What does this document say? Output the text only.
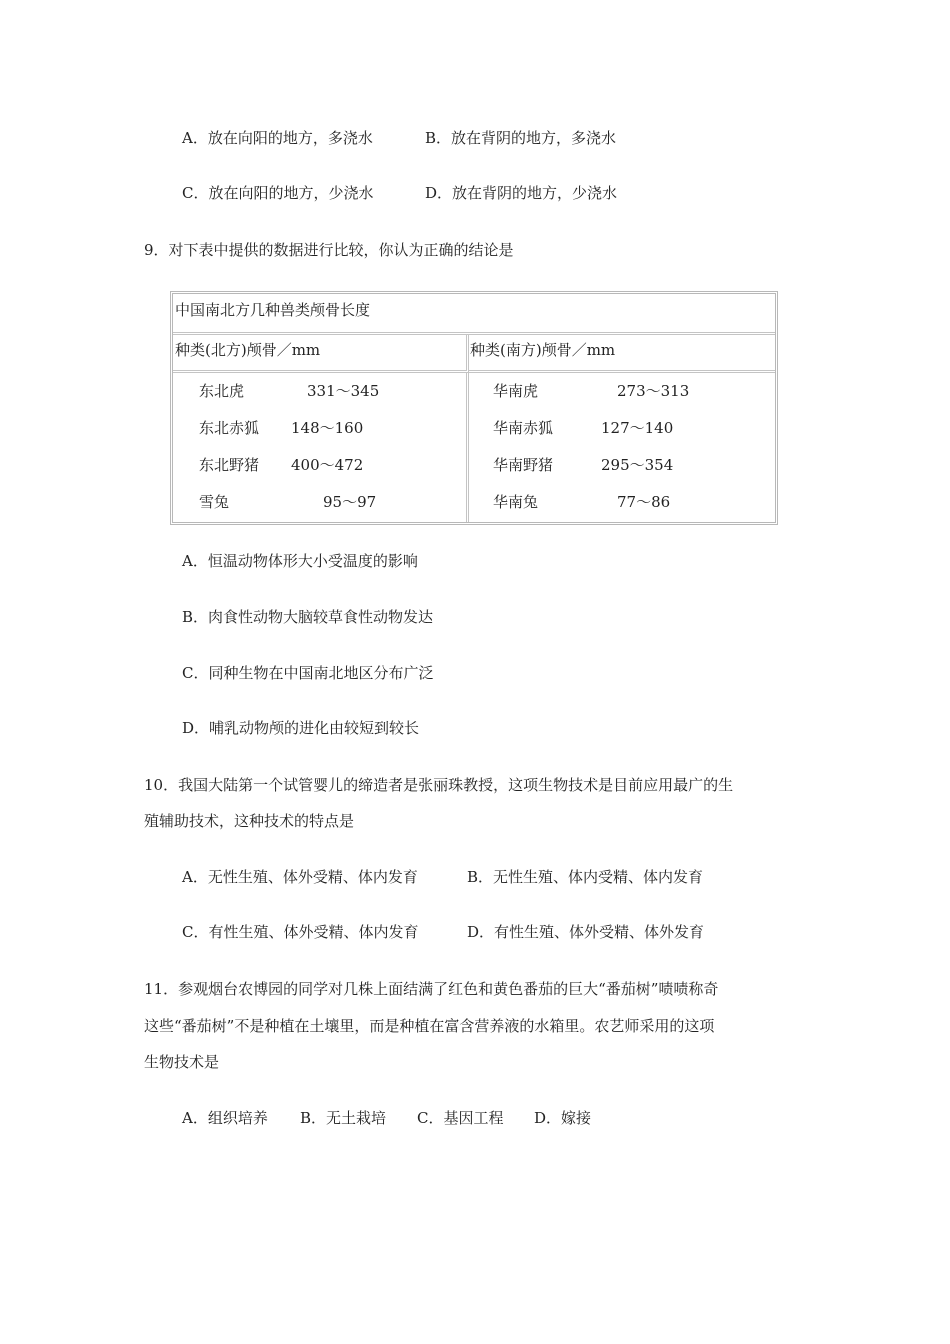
A．放在向阳的地方，多浇水	B．放在背阴的地方，多浇水
C．放在向阳的地方，少浇水	D．放在背阴的地方，少浇水
9．对下表中提供的数据进行比较，你认为正确的结论是
中国南北方几种兽类颅骨长度
种类(北方)颅骨／mm	种类(南方)颅骨／mm
东北虎	331～345
东北赤狐 148～160
东北野猪 400～472
雪兔	95～97
华南虎	273～313
华南赤狐	127～140
华南野猪	295～354
华南兔	77～86
A．恒温动物体形大小受温度的影响
B．肉食性动物大脑较草食性动物发达
C．同种生物在中国南北地区分布广泛
D．哺乳动物颅的进化由较短到较长
10．我国大陆第一个试管婴儿的缔造者是张丽珠教授，这项生物技术是目前应用最广的生
殖辅助技术，这种技术的特点是
A．无性生殖、体外受精、体内发育	B．无性生殖、体内受精、体内发育
C．有性生殖、体外受精、体内发育	D．有性生殖、体外受精、体外发育
11．参观烟台农博园的同学对几株上面结满了红色和黄色番茄的巨大“番茄树”啧啧称奇
这些“番茄树”不是种植在土壤里，而是种植在富含营养液的水箱里。农艺师采用的这项
生物技术是
A．组织培养 B．无土栽培 C．基因工程 D．嫁接
